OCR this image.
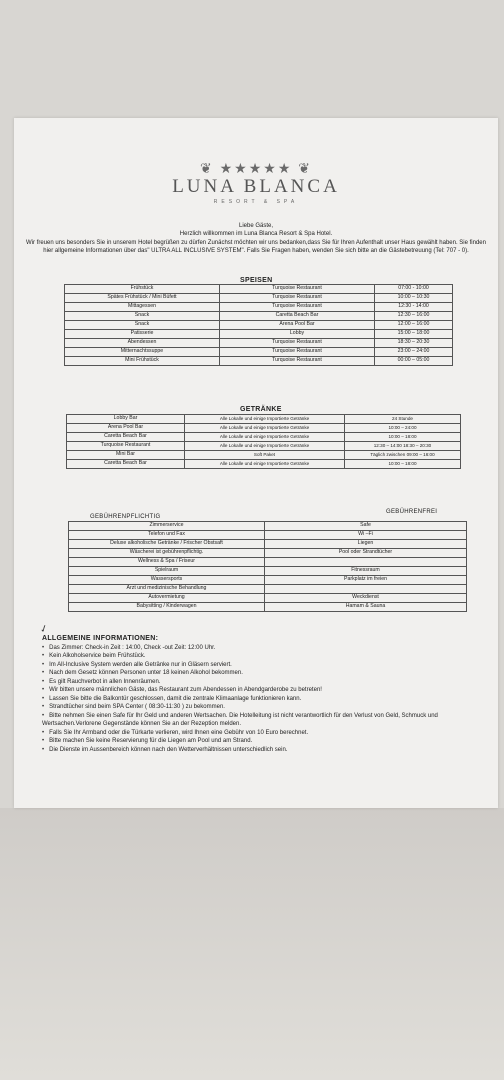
❦ ★★★★★ ❦
LUNA BLANCA
RESORT & SPA
Liebe Gäste,
Herzlich willkommen im Luna Blanca Resort & Spa Hotel.
Wir freuen uns besonders Sie in unserem Hotel begrüßen zu dürfen Zunächst möchten wir uns bedanken,dass Sie für Ihren Aufenthalt unser Haus gewählt haben. Sie finden hier allgemeine Informationen über das" ULTRA ALL INCLUSIVE SYSTEM". Falls Sie Fragen haben, wenden Sie sich bitte an die Gästebetreuung (Tel: 707 - 0).
SPEISEN
Frühstück	Turquoise Restaurant	07:00 - 10:00
Spätes Frühstück / Mini Büfett	Turquoise Restaurant	10:00 – 10:30
Mittagessen	Turquoise Restaurant	12:30 - 14:00
Snack	Caretta Beach Bar	12:30 – 16:00
Snack	Arena Pool Bar	12:00 – 16:00
Patisserie	Lobby	15:00 – 18:00
Abendessen	Turquoise Restaurant	18:30 – 20:30
Mitternachtssuppe	Turquoise Restaurant	23:00 – 24:00
Mini Frühstück	Turquoise Restaurant	00:00 – 05:00
GETRÄNKE
Lobby Bar	Alle Lokalle und einige Importierte Getränke	24 Stunde
Arena Pool Bar	Alle Lokalle und einige Importierte Getränke	10:00 – 24:00
Caretta Beach Bar	Alle Lokalle und einige Importierte Getränke	10:00 – 18:00
Turquoise Restaurant	Alle Lokalle und einige Importierte Getränke	12:30 – 14:00 18:30 – 20:30
Mini Bar	Soft Paket	Täglich zwischen 09:00 – 16:00
Caretta Beach Bar	Alle Lokalle und einige Importierte Getränke	10:00 – 18:00
GEBÜHRENPFLICHTIG
GEBÜHRENFREI
Zimmerservice	Safe
Telefon und Fax	Wi –Fi
Deluxe alkoholische Getränke / Frischer Obstsaft	Liegen
Wäscherei ist gebührenpflichtig.	Pool oder Strandtücher
Wellness & Spa / Friseur	
Spielraum	Fitnessraum
Wassersports	Parkplatz im freien
Arzt und medizinische Behandlung	
Autovermietung	Weckdienst
Babysitting / Kinderwagen	Hamam & Sauna
✓
ALLGEMEINE INFORMATIONEN:
• Das Zimmer: Check-in Zeit : 14:00, Check -out Zeit: 12:00 Uhr.
• Kein Alkoholservice beim Frühstück.
• Im All-Inclusive System werden alle Getränke nur in Gläsern serviert.
• Nach dem Gesetz können Personen unter 18 keinen Alkohol bekommen.
• Es gilt Rauchverbot in allen Innenräumen.
• Wir bitten unsere männlichen Gäste, das Restaurant zum Abendessen in Abendgarderobe zu betreten!
• Lassen Sie bitte die Balkontür geschlossen, damit die zentrale Klimaanlage funktionieren kann.
• Strandtücher sind beim SPA Center ( 08:30-11:30 ) zu bekommen.
• Bitte nehmen Sie einen Safe für Ihr Geld und anderen Wertsachen. Die Hotelleitung ist nicht verantwortlich für den Verlust von Geld, Schmuck und Wertsachen.Verlorene Gegenstände können Sie an der Rezeption melden.
• Falls Sie Ihr Armband oder die Türkarte verlieren, wird Ihnen eine Gebühr von 10 Euro berechnet.
• Bitte machen Sie keine Reservierung für die Liegen am Pool und am Strand.
• Die Dienste im Aussenbereich können nach den Wetterverhältnissen unterschiedlich sein.
